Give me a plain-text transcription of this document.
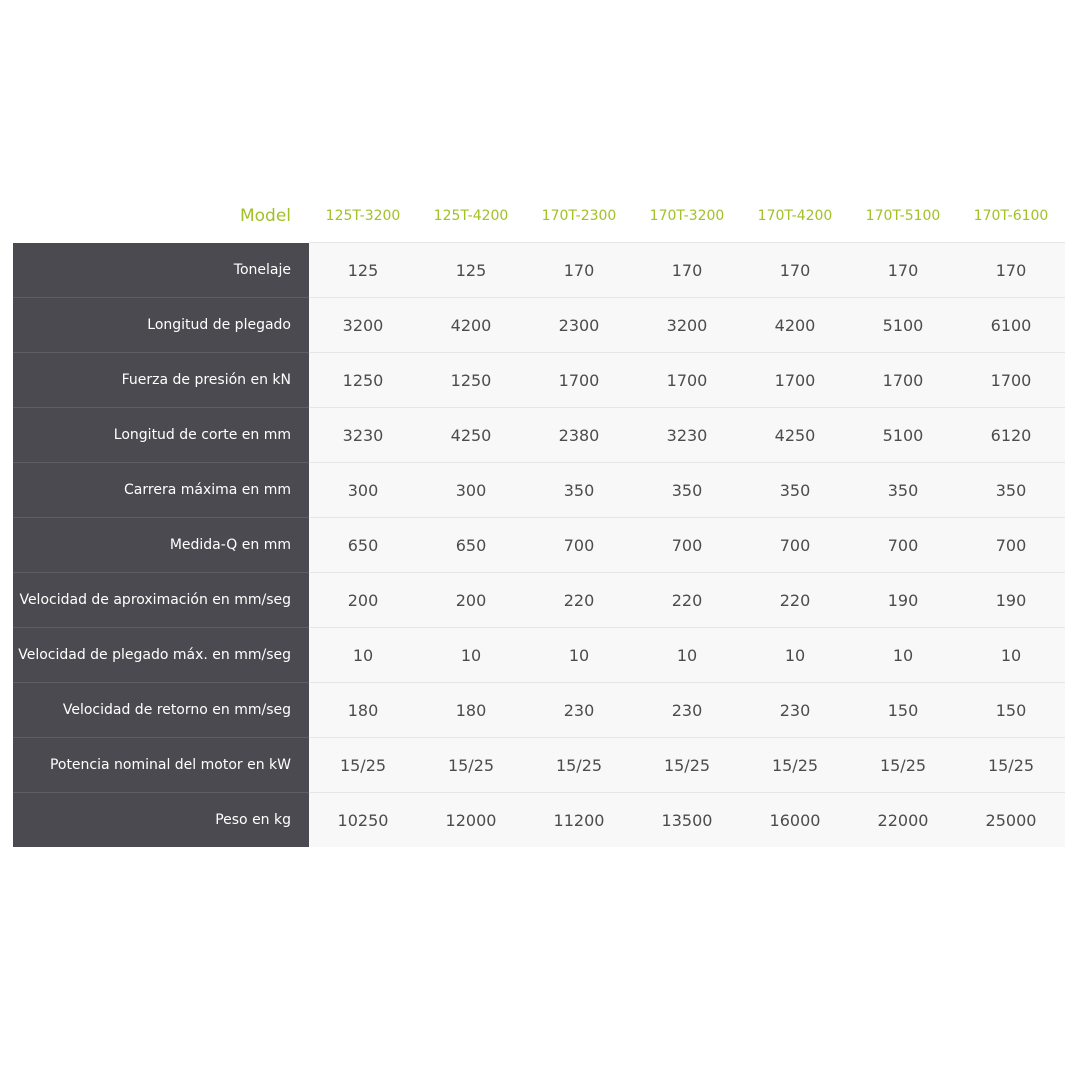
Model	125T-3200	125T-4200	170T-2300	170T-3200	170T-4200	170T-5100	170T-6100
Tonelaje	125	125	170	170	170	170	170
Longitud de plegado	3200	4200	2300	3200	4200	5100	6100
Fuerza de presión en kN	1250	1250	1700	1700	1700	1700	1700
Longitud de corte en mm	3230	4250	2380	3230	4250	5100	6120
Carrera máxima en mm	300	300	350	350	350	350	350
Medida-Q en mm	650	650	700	700	700	700	700
Velocidad de aproximación en mm/seg	200	200	220	220	220	190	190
Velocidad de plegado máx. en mm/seg	10	10	10	10	10	10	10
Velocidad de retorno en mm/seg	180	180	230	230	230	150	150
Potencia nominal del motor en kW	15/25	15/25	15/25	15/25	15/25	15/25	15/25
Peso en kg	10250	12000	11200	13500	16000	22000	25000
